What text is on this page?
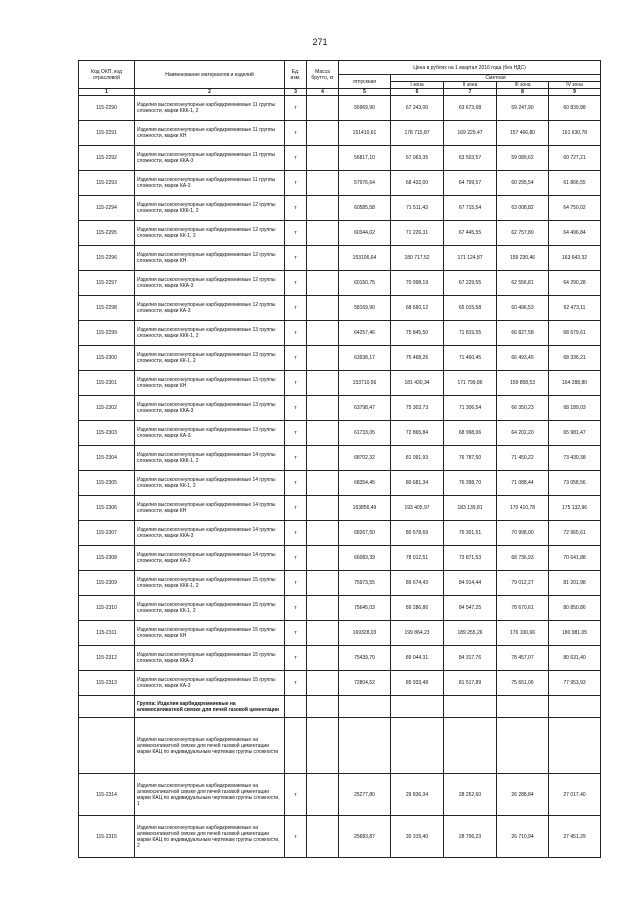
271
Код ОКП, код отраслевой	Наименование материалов и изделий	Ед. изм.	Масса брутто, кг	Цена в рублях на 1 квартал 2016 года (без НДС)				
				отпускная	Сметная			
					I зона	II зона	III зона	IV зона
1	2	3	4	5	6	7	8	9
115-2290	Изделия высокоогнеупорные карбидкремниевые 11 группы сложности, марки ККК-1, 2	т		56969,90	67 243,00	63 673,68	59 247,90	60 839,88
115-2291	Изделия высокоогнеупорные карбидкремниевые 11 группы сложности, марки КН	т		151410,61	178 715,87	169 229,47	157 466,80	161 630,78
115-2292	Изделия высокоогнеупорные карбидкремниевые 11 группы сложности, марки ККА-3	т		56817,10	67 063,35	63 503,57	59 089,62	60 727,21
115-2293	Изделия высокоогнеупорные карбидкремниевые 11 группы сложности, марки КА-3	т		57976,64	68 432,00	64 799,57	60 295,54	61 866,55
115-2294	Изделия высокоогнеупорные карбидкремниевые 12 группы сложности, марки ККК-1, 2	т		60585,58	71 511,43	67 715,54	63 008,82	64 750,02
115-2295	Изделия высокоогнеупорные карбидкремниевые 12 группы сложности, марки КК-1, 2	т		60344,02	71 226,31	67 445,55	62 757,80	64 496,84
115-2296	Изделия высокоогнеупорные карбидкремниевые 12 группы сложности, марки КН	т		153106,64	180 717,52	171 124,87	159 230,46	163 643,32
115-2297	Изделия высокоогнеупорные карбидкремниевые 12 группы сложности, марки ККА-3	т		60150,75	70 998,19	67 229,55	62 556,81	64 290,28
115-2298	Изделия высокоогнеупорные карбидкремниевые 12 группы сложности, марки КА-3	т		58169,90	68 660,12	65 015,58	60 496,53	62 473,11
115-2299	Изделия высокоогнеупорные карбидкремниевые 13 группы сложности, марки ККК-1, 2	т		64257,46	75 845,50	71 819,55	66 827,58	68 679,61
115-2300	Изделия высокоогнеупорные карбидкремниевые 13 группы сложности, марки КК-1, 2	т		63938,17	75 468,26	71 460,45	66 493,45	68 336,21
115-2301	Изделия высокоогнеупорные карбидкремниевые 13 группы сложности, марки КН	т		153710,56	181 430,34	171 799,86	159 858,53	164 288,80
115-2302	Изделия высокоогнеупорные карбидкремниевые 13 группы сложности, марки ККА-3	т		63798,47	75 303,73	71 306,54	66 350,23	68 189,03
115-2303	Изделия высокоогнеупорные карбидкремниевые 13 группы сложности, марки КА-3	т		61733,05	72 865,84	68 998,06	64 202,20	65 981,47
115-2304	Изделия высокоогнеупорные карбидкремниевые 14 группы сложности, марки ККК-1, 2	т		68702,32	81 091,93	76 787,50	71 450,22	73 430,38
115-2305	Изделия высокоогнеупорные карбидкремниевые 14 группы сложности, марки КК-1, 2	т		68354,45	80 681,34	76 398,70	71 088,44	73 058,56
115-2306	Изделия высокоогнеупорные карбидкремниевые 14 группы сложности, марки КН	т		163856,49	193 405,97	183 139,81	170 410,78	175 132,96
115-2307	Изделия высокоогнеупорные карбидкремниевые 14 группы сложности, марки ККА-3	т		68267,50	80 578,69	76 301,51	70 998,00	72 965,61
115-2308	Изделия высокоогнеупорные карбидкремниевые 14 группы сложности, марки КА-3	т		66083,39	78 012,51	73 871,53	68 736,93	70 641,88
115-2309	Изделия высокоогнеупорные карбидкремниевые 15 группы сложности, марки ККК-1, 2	т		75973,55	89 674,43	84 914,44	79 012,27	81 201,98
115-2310	Изделия высокоогнеупорные карбидкремниевые 15 группы сложности, марки КК-1, 2	т		75645,03	89 286,86	84 547,25	78 670,61	80 850,86
115-2311	Изделия высокоогнеупорные карбидкремниевые 15 группы сложности, марки КН	т		169328,03	199 864,23	189 255,26	176 100,66	180 981,05
115-2312	Изделия высокоогнеупорные карбидкремниевые 15 группы сложности, марки ККА-3	т		75439,70	89 044,31	84 317,76	78 457,07	80 631,40
115-2313	Изделия высокоогнеупорные карбидкремниевые 15 группы сложности, марки КА-3	т		72804,52	85 933,48	81 517,89	75 651,06	77 953,93
	Группа: Изделия карбидкремниевые на алюмосиликатной связке для печей газовой цементации							
	Изделия высокоогнеупорные карбидкремниевые на алюмосиликатной связке для печей газовой цементации марки КАЦ по индивидуальным чертежам группы сложности							
115-2314	Изделия высокоогнеупорные карбидкремниевые на алюмосиликатной связке для печей газовой цементации марки КАЦ по индивидуальным чертежам группы сложности, 1	т		25277,80	29 836,34	28 252,60	26 288,84	27 017,40
115-2315	Изделия высокоогнеупорные карбидкремниевые на алюмосиликатной связке для печей газовой цементации марки КАЦ по индивидуальным чертежам группы сложности, 2	т		25683,87	30 315,40	28 706,23	26 710,94	27 451,29
